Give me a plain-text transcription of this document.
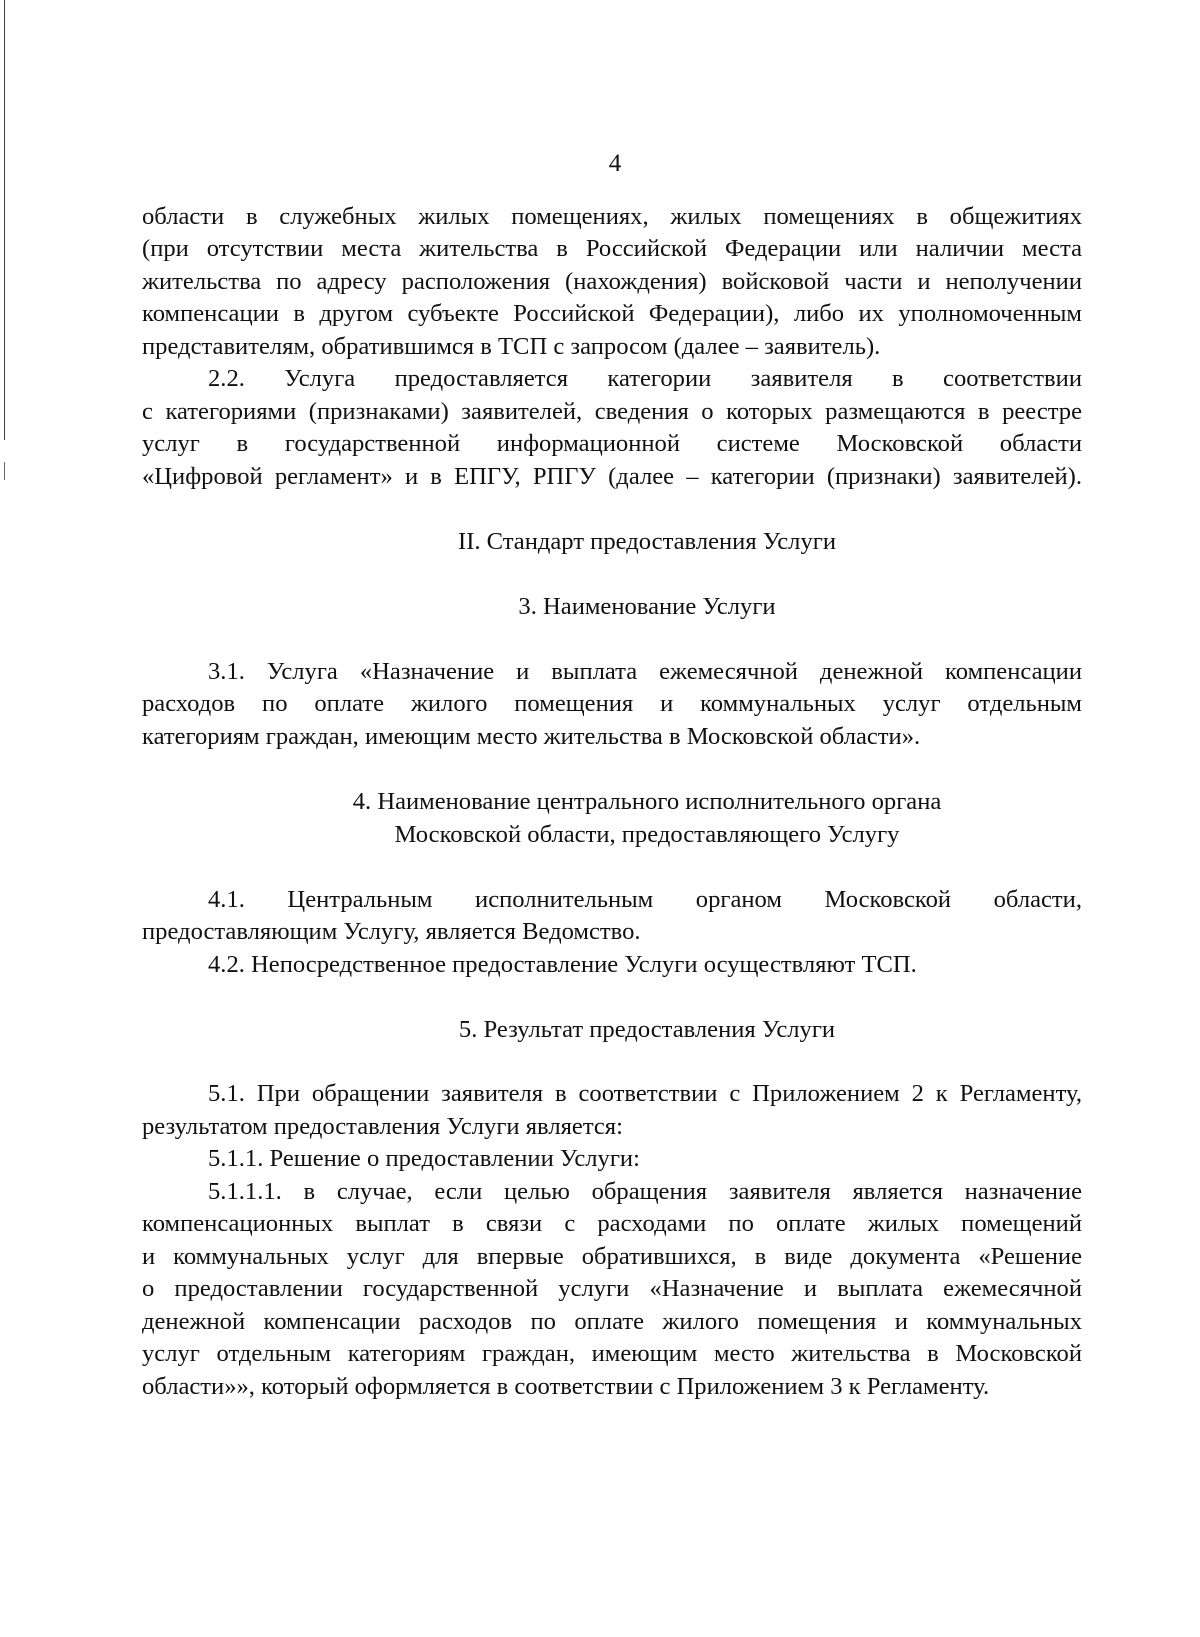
4
области в служебных жилых помещениях, жилых помещениях в общежитиях
(при отсутствии места жительства в Российской Федерации или наличии места
жительства по адресу расположения (нахождения) войсковой части и неполучении
компенсации в другом субъекте Российской Федерации), либо их уполномоченным
представителям, обратившимся в ТСП с запросом (далее – заявитель).
2.2. Услуга предоставляется категории заявителя в соответствии
с категориями (признаками) заявителей, сведения о которых размещаются в реестре
услуг в государственной информационной системе Московской области
«Цифровой регламент» и в ЕПГУ, РПГУ (далее – категории (признаки) заявителей).
II. Стандарт предоставления Услуги
3. Наименование Услуги
3.1. Услуга «Назначение и выплата ежемесячной денежной компенсации
расходов по оплате жилого помещения и коммунальных услуг отдельным
категориям граждан, имеющим место жительства в Московской области».
4. Наименование центрального исполнительного органа
Московской области, предоставляющего Услугу
4.1. Центральным исполнительным органом Московской области,
предоставляющим Услугу, является Ведомство.
4.2. Непосредственное предоставление Услуги осуществляют ТСП.
5. Результат предоставления Услуги
5.1. При обращении заявителя в соответствии с Приложением 2 к Регламенту,
результатом предоставления Услуги является:
5.1.1. Решение о предоставлении Услуги:
5.1.1.1. в случае, если целью обращения заявителя является назначение
компенсационных выплат в связи с расходами по оплате жилых помещений
и коммунальных услуг для впервые обратившихся, в виде документа «Решение
о предоставлении государственной услуги «Назначение и выплата ежемесячной
денежной компенсации расходов по оплате жилого помещения и коммунальных
услуг отдельным категориям граждан, имеющим место жительства в Московской
области»», который оформляется в соответствии с Приложением 3 к Регламенту.
